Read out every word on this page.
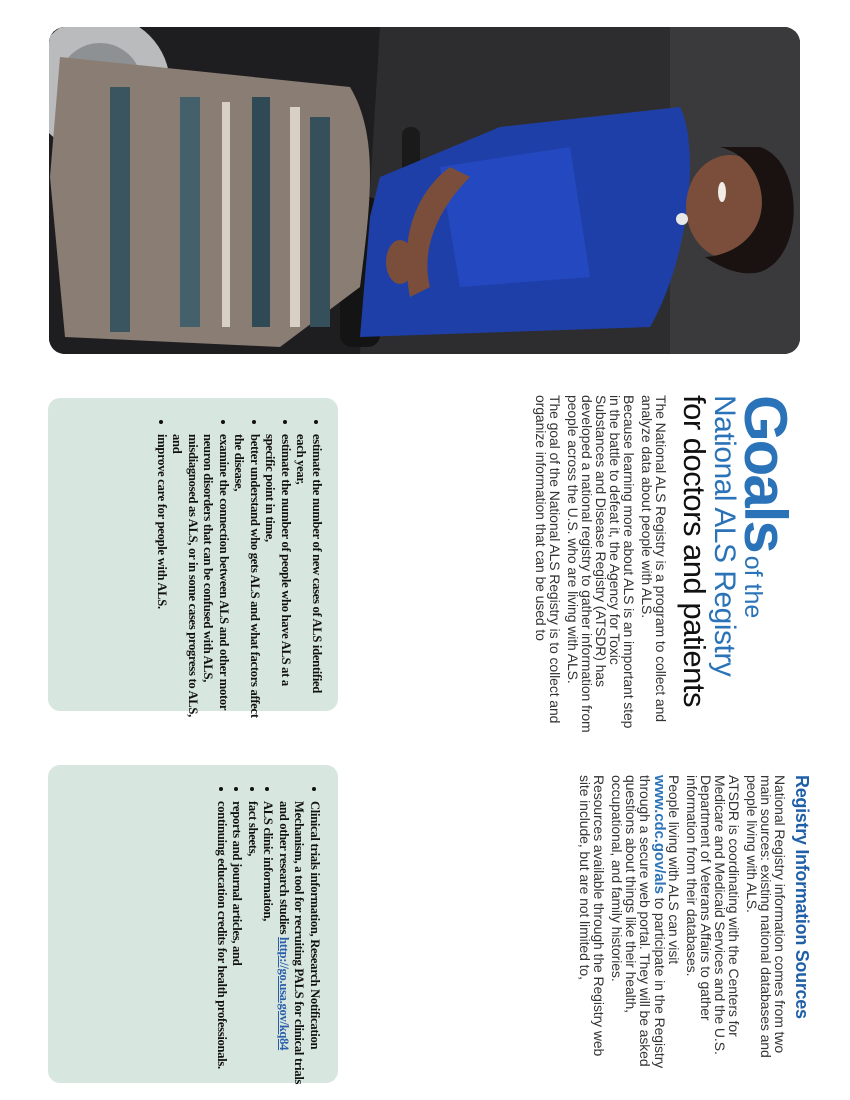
Goalsof the
National ALS Registry
for doctors and patients

The National ALS Registry is a program to collect and analyze data about people with ALS.

Because learning more about ALS is an important step in the battle to defeat it, the Agency for Toxic Substances and Disease Registry (ATSDR) has developed a national registry to gather information from people across the U.S. who are living with ALS.

The goal of the National ALS Registry is to collect and organize information that can be used to

• estimate the number of new cases of ALS identified each year,
• estimate the number of people who have ALS at a specific point in time,
• better understand who gets ALS and what factors affect the disease,
• examine the connection between ALS and other motor neuron disorders that can be confused with ALS, misdiagnosed as ALS, or in some cases progress to ALS, and
• improve care for people with ALS.
Registry Information Sources

National Registry information comes from two main sources: existing national databases and people living with ALS.

ATSDR is coordinating with the Centers for Medicare and Medicaid Services and the U.S. Department of Veterans Affairs to gather information from their databases.

People living with ALS can visit www.cdc.gov/als to participate in the Registry through a secure web portal. They will be asked questions about things like their health, occupational, and family histories.

Resources available through the Registry web site include, but are not limited to,

• Clinical trials information, Research Notification Mechanism, a tool for recruiting PALS for clinical trials and other research studies http://go.usa.gov/kq84
• ALS clinic information,
• fact sheets,
• reports and journal articles, and
• continuing education credits for health professionals.
